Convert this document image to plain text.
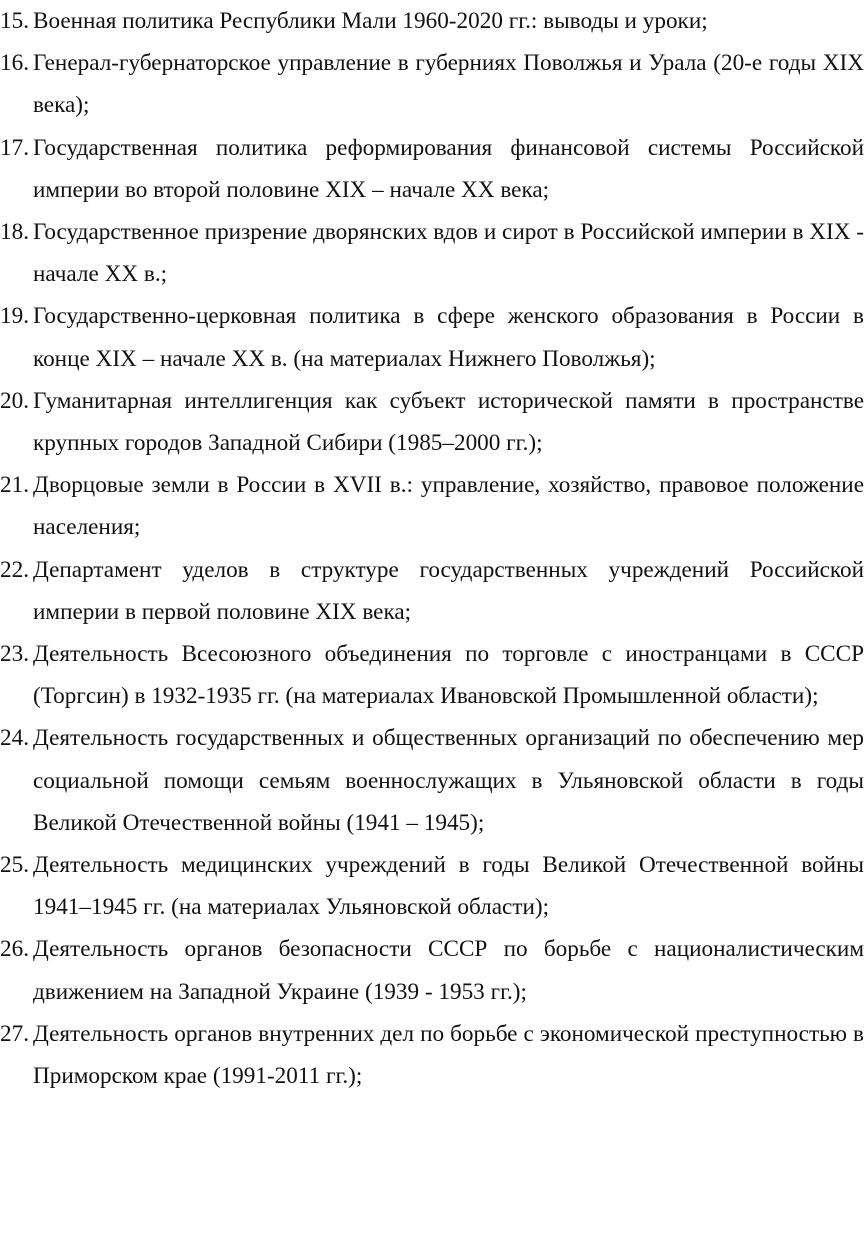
15. Военная политика Республики Мали 1960-2020 гг.: выводы и уроки;
16. Генерал-губернаторское управление в губерниях Поволжья и Урала (20-е годы XIX века);
17. Государственная политика реформирования финансовой системы Российской империи во второй половине XIX – начале XX века;
18. Государственное призрение дворянских вдов и сирот в Российской империи в XIX - начале XX в.;
19. Государственно-церковная политика в сфере женского образования в России в конце XIX – начале XX в. (на материалах Нижнего Поволжья);
20. Гуманитарная интеллигенция как субъект исторической памяти в пространстве крупных городов Западной Сибири (1985–2000 гг.);
21. Дворцовые земли в России в XVII в.: управление, хозяйство, правовое положение населения;
22. Департамент уделов в структуре государственных учреждений Российской империи в первой половине XIX века;
23. Деятельность Всесоюзного объединения по торговле с иностранцами в СССР (Торгсин) в 1932-1935 гг. (на материалах Ивановской Промышленной области);
24. Деятельность государственных и общественных организаций по обеспечению мер социальной помощи семьям военнослужащих в Ульяновской области в годы Великой Отечественной войны (1941 – 1945);
25. Деятельность медицинских учреждений в годы Великой Отечественной войны 1941–1945 гг. (на материалах Ульяновской области);
26. Деятельность органов безопасности СССР по борьбе с националистическим движением на Западной Украине (1939 - 1953 гг.);
27. Деятельность органов внутренних дел по борьбе с экономической преступностью в Приморском крае (1991-2011 гг.);
